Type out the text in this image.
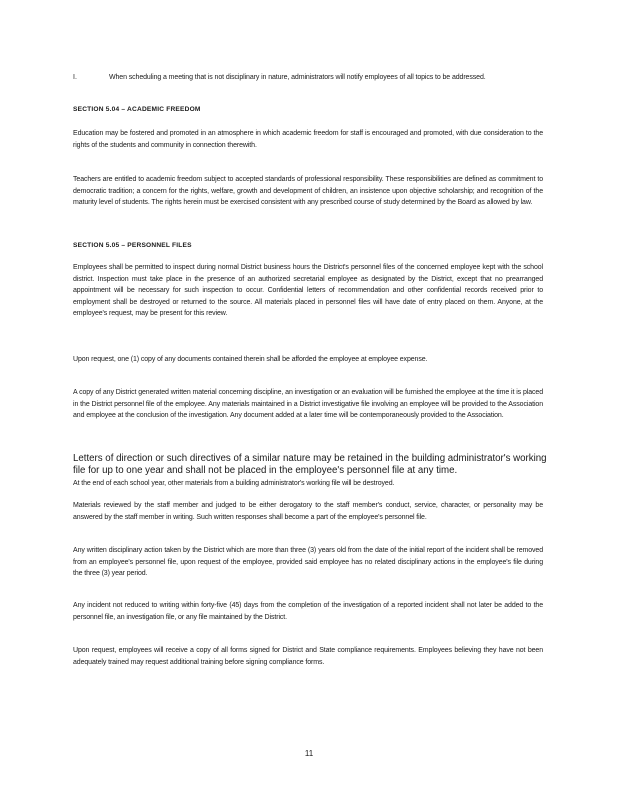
I.	When scheduling a meeting that is not disciplinary in nature, administrators will notify employees of all topics to be addressed.
SECTION 5.04 – ACADEMIC FREEDOM

Education may be fostered and promoted in an atmosphere in which academic freedom for staff is encouraged and promoted, with due consideration to the rights of the students and community in connection therewith.

Teachers are entitled to academic freedom subject to accepted standards of professional responsibility. These responsibilities are defined as commitment to democratic tradition; a concern for the rights, welfare, growth and development of children, an insistence upon objective scholarship; and recognition of the maturity level of students. The rights herein must be exercised consistent with any prescribed course of study determined by the Board as allowed by law.

SECTION 5.05 – PERSONNEL FILES

Employees shall be permitted to inspect during normal District business hours the District's personnel files of the concerned employee kept with the school district. Inspection must take place in the presence of an authorized secretarial employee as designated by the District, except that no prearranged appointment will be necessary for such inspection to occur. Confidential letters of recommendation and other confidential records received prior to employment shall be destroyed or returned to the source. All materials placed in personnel files will have date of entry placed on them. Anyone, at the employee's request, may be present for this review.

Upon request, one (1) copy of any documents contained therein shall be afforded the employee at employee expense.

A copy of any District generated written material concerning discipline, an investigation or an evaluation will be furnished the employee at the time it is placed in the District personnel file of the employee. Any materials maintained in a District investigative file involving an employee will be provided to the Association and employee at the conclusion of the investigation. Any document added at a later time will be contemporaneously provided to the Association.

Letters of direction or such directives of a similar nature may be retained in the building administrator's working file for up to one year and shall not be placed in the employee's personnel file at any time.

At the end of each school year, other materials from a building administrator's working file will be destroyed.

Materials reviewed by the staff member and judged to be either derogatory to the staff member's conduct, service, character, or personality may be answered by the staff member in writing. Such written responses shall become a part of the employee's personnel file.

Any written disciplinary action taken by the District which are more than three (3) years old from the date of the initial report of the incident shall be removed from an employee's personnel file, upon request of the employee, provided said employee has no related disciplinary actions in the employee's file during the three (3) year period.

Any incident not reduced to writing within forty-five (45) days from the completion of the investigation of a reported incident shall not later be added to the personnel file, an investigation file, or any file maintained by the District.

Upon request, employees will receive a copy of all forms signed for District and State compliance requirements. Employees believing they have not been adequately trained may request additional training before signing compliance forms.

11
